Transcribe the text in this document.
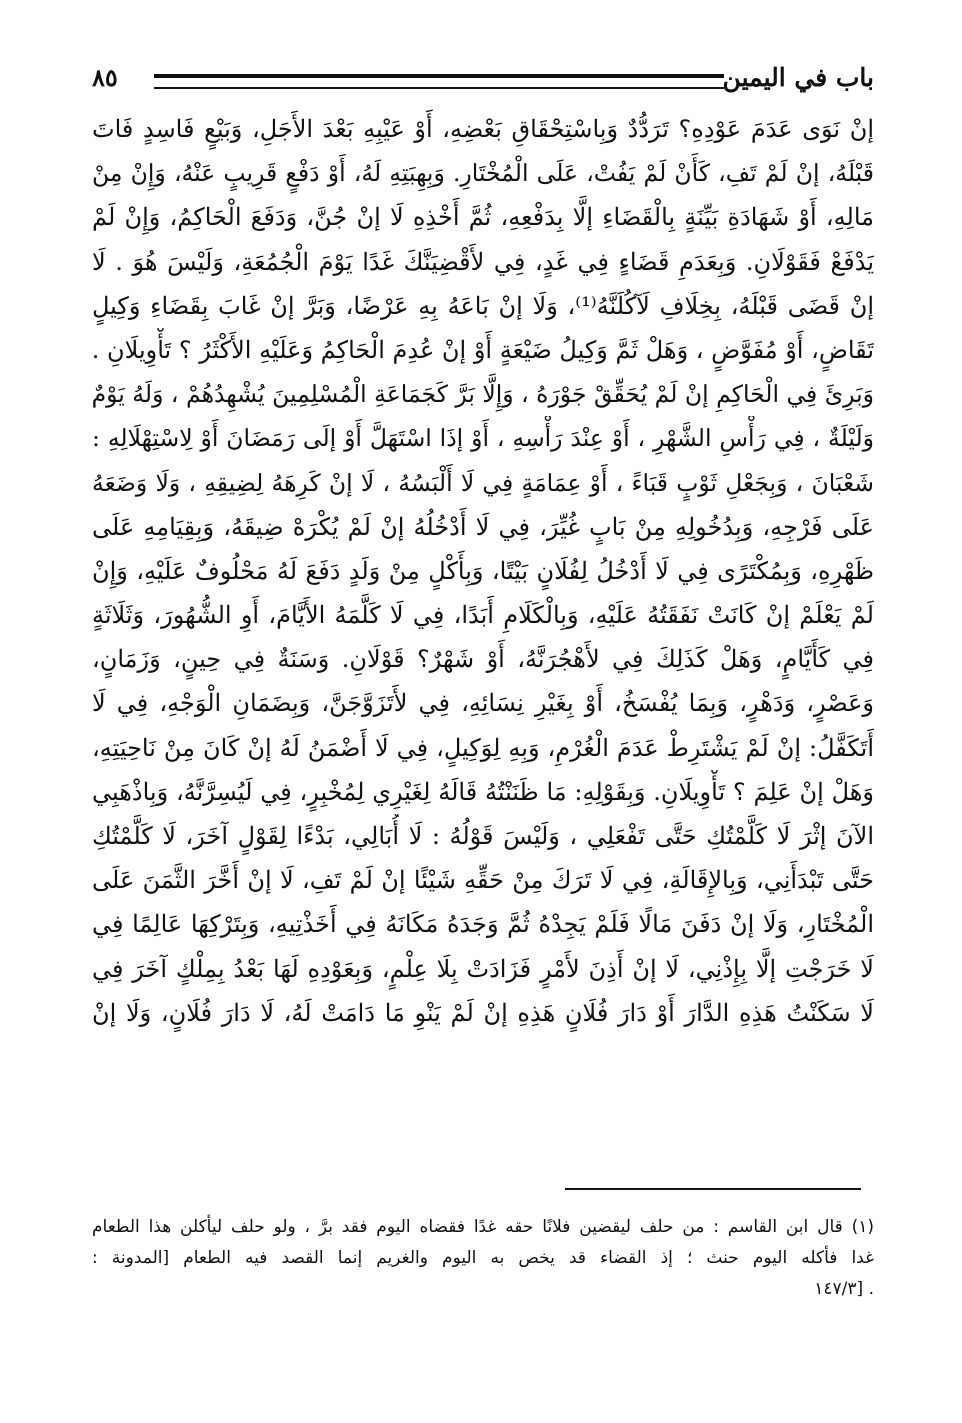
باب في اليمين
٨٥
إنْ نَوَى عَدَمَ عَوْدِهِ؟ تَرَدُّدٌ وَبِاسْتِحْقَاقِ بَعْضِهِ، أَوْ عَيْبِهِ بَعْدَ الأَجَلِ، وَبَيْعٍ فَاسِدٍ فَاتَ
قَبْلَهُ، إنْ لَمْ تَفِ، كَأَنْ لَمْ يَفُتْ، عَلَى الْمُخْتَارِ. وَبِهِبَتِهِ لَهُ، أَوْ دَفْعٍ قَرِيبٍ عَنْهُ، وَإِنْ مِنْ
مَالِهِ، أَوْ شَهَادَةِ بَيِّنَةٍ بِالْقَضَاءِ إلَّا بِدَفْعِهِ، ثُمَّ أَخْذِهِ لَا إنْ جُنَّ، وَدَفَعَ الْحَاكِمُ، وَإِنْ لَمْ
يَدْفَعْ فَقَوْلَانِ. وَبِعَدَمِ قَضَاءٍ فِي غَدٍ، فِي لأَقْضِيَنَّكَ غَدًا يَوْمَ الْجُمُعَةِ، وَلَيْسَ هُوَ . لَا
إنْ قَضَى قَبْلَهُ، بِخِلَافِ لَآكُلَنَّهُ⁽¹⁾، وَلَا إنْ بَاعَهُ بِهِ عَرْضًا، وَبَرَّ إنْ غَابَ بِقَضَاءِ وَكِيلٍ
تَقَاضٍ، أَوْ مُفَوَّضٍ ، وَهَلْ ثَمَّ وَكِيلُ ضَيْعَةٍ أَوْ إنْ عُدِمَ الْحَاكِمُ وَعَلَيْهِ الأَكْثَرُ ؟ تَأْوِيلَانِ .
وَبَرِئَ فِي الْحَاكِمِ إنْ لَمْ يُحَقِّقْ جَوْرَهُ ، وَإِلَّا بَرَّ كَجَمَاعَةِ الْمُسْلِمِينَ يُشْهِدُهُمْ ، وَلَهُ يَوْمٌ
وَلَيْلَةٌ ، فِي رَأْسِ الشَّهْرِ ، أَوْ عِنْدَ رَأْسِهِ ، أَوْ إذَا اسْتَهَلَّ أَوْ إلَى رَمَضَانَ أَوْ لِاسْتِهْلَالِهِ :
شَعْبَانَ ، وَبِجَعْلِ ثَوْبٍ قَبَاءً ، أَوْ عِمَامَةٍ فِي لَا أَلْبَسُهُ ، لَا إنْ كَرِهَهُ لِضِيقِهِ ، وَلَا وَضَعَهُ
عَلَى فَرْجِهِ، وَبِدُخُولِهِ مِنْ بَابٍ غُيِّرَ، فِي لَا أَدْخُلُهُ إنْ لَمْ يُكْرَهْ ضِيقَهُ، وَبِقِيَامِهِ عَلَى
ظَهْرِهِ، وَبِمُكْتَرًى فِي لَا أَدْخُلُ لِفُلَانٍ بَيْتًا، وَبِأَكْلٍ مِنْ وَلَدٍ دَفَعَ لَهُ مَحْلُوفٌ عَلَيْهِ، وَإِنْ
لَمْ يَعْلَمْ إنْ كَانَتْ نَفَقَتُهُ عَلَيْهِ، وَبِالْكَلَامِ أَبَدًا، فِي لَا كَلَّمَهُ الأَيَّامَ، أَوِ الشُّهُورَ، وَثَلَاثَةٍ
فِي كَأَيَّامٍ، وَهَلْ كَذَلِكَ فِي لأَهْجُرَنَّهُ، أَوْ شَهْرٌ؟ قَوْلَانِ. وَسَنَةٌ فِي حِينٍ، وَزَمَانٍ،
وَعَصْرٍ، وَدَهْرٍ، وَبِمَا يُفْسَخُ، أَوْ بِغَيْرِ نِسَائِهِ، فِي لأَتَزَوَّجَنَّ، وَبِضَمَانِ الْوَجْهِ، فِي لَا
أَتَكَفَّلُ: إنْ لَمْ يَشْتَرِطْ عَدَمَ الْغُرْمِ، وَبِهِ لِوَكِيلٍ، فِي لَا أَضْمَنُ لَهُ إنْ كَانَ مِنْ نَاحِيَتِهِ،
وَهَلْ إنْ عَلِمَ ؟ تَأْوِيلَانِ. وَبِقَوْلِهِ: مَا ظَنَنْتُهُ قَالَهُ لِغَيْرِي لِمُخْبِرٍ، فِي لَيُسِرَّنَّهُ، وَبِاذْهَبِي
الآنَ إثْرَ لَا كَلَّمْتُكِ حَتَّى تَفْعَلِي ، وَلَيْسَ قَوْلُهُ : لَا أُبَالِي، بَدْءًا لِقَوْلٍ آخَرَ، لَا كَلَّمْتُكِ
حَتَّى تَبْدَأَنِي، وَبِالإِقَالَةِ، فِي لَا تَرَكَ مِنْ حَقِّهِ شَيْئًا إنْ لَمْ تَفِ، لَا إنْ أَخَّرَ الثَّمَنَ عَلَى
الْمُخْتَارِ، وَلَا إنْ دَفَنَ مَالًا فَلَمْ يَجِدْهُ ثُمَّ وَجَدَهُ مَكَانَهُ فِي أَخَذْتِيهِ، وَبِتَرْكِهَا عَالِمًا فِي
لَا خَرَجْتِ إلَّا بِإِذْنِي، لَا إنْ أَذِنَ لأَمْرٍ فَزَادَتْ بِلَا عِلْمٍ، وَبِعَوْدِهِ لَهَا بَعْدُ بِمِلْكٍ آخَرَ فِي
لَا سَكَنْتُ هَذِهِ الدَّارَ أَوْ دَارَ فُلَانٍ هَذِهِ إنْ لَمْ يَنْوِ مَا دَامَتْ لَهُ، لَا دَارَ فُلَانٍ، وَلَا إنْ
(١) قال ابن القاسم : من حلف ليقضين فلانًا حقه غدًا فقضاه اليوم فقد برَّ ، ولو حلف ليأكلن هذا الطعام
غدا فأكله اليوم حنث ؛ إذ القضاء قد يخص به اليوم والغريم إنما القصد فيه الطعام [المدونة :
. [١٤٧/٣
